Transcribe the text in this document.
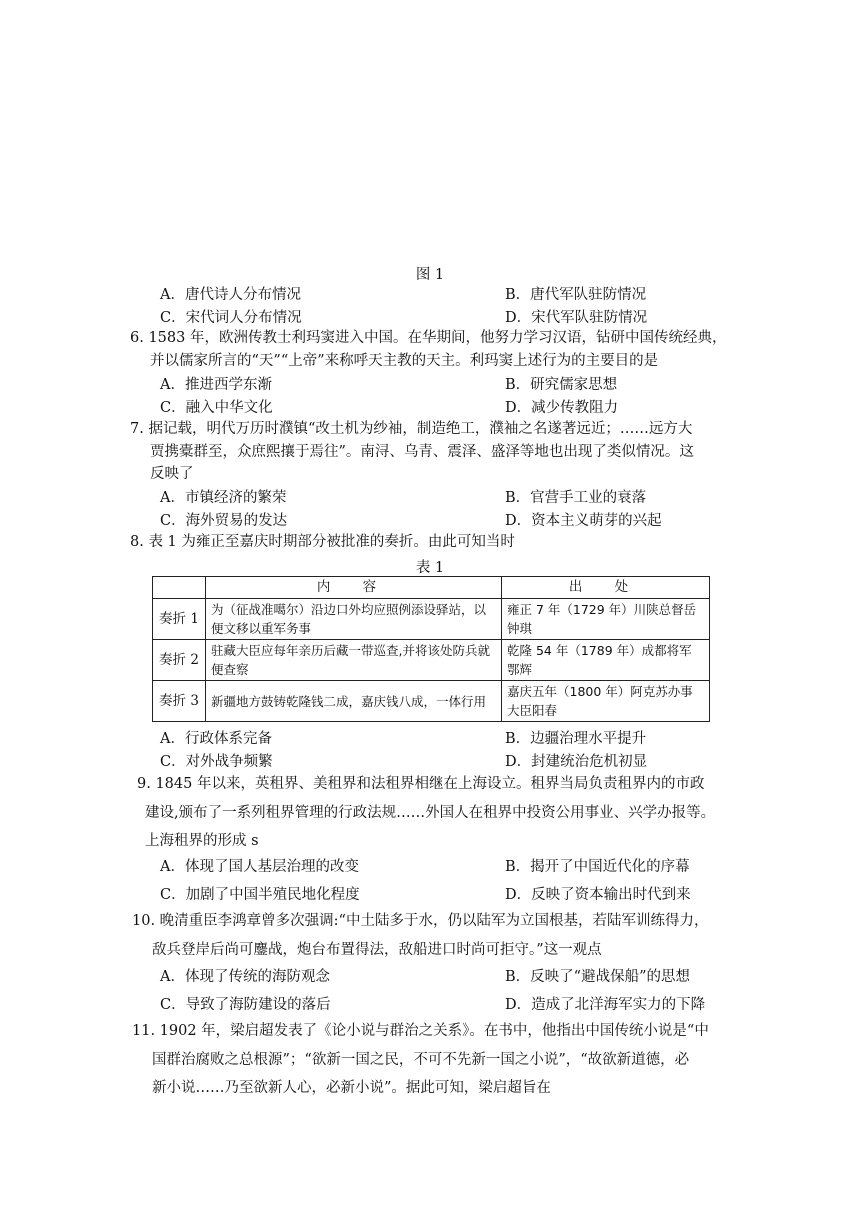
图 1
A．唐代诗人分布情况	B．唐代军队驻防情况
C．宋代词人分布情况	D．宋代军队驻防情况
6. 1583 年，欧洲传教士利玛窦进入中国。在华期间，他努力学习汉语，钻研中国传统经典，
并以儒家所言的“天”“上帝”来称呼天主教的天主。利玛窦上述行为的主要目的是
A．推进西学东渐	B．研究儒家思想
C．融入中华文化	D．减少传教阻力
7. 据记载，明代万历时濮镇“改土机为纱袖，制造绝工，濮袖之名遂著远近；……远方大
贾携橐群至，众庶熙攘于焉往”。南浔、乌青、震泽、盛泽等地也出现了类似情况。这
反映了
A．市镇经济的繁荣	B．官营手工业的衰落
C．海外贸易的发达	D．资本主义萌芽的兴起
8. 表 1 为雍正至嘉庆时期部分被批准的奏折。由此可知当时
表 1
	内 容	出 处
奏折 1	为（征战准噶尔）沿边口外均应照例添设驿站，以便文移以重军务事	雍正 7 年（1729 年）川陕总督岳钟琪
奏折 2	驻藏大臣应每年亲历后藏一带巡查,并将该处防兵就便查察	乾隆 54 年（1789 年）成都将军鄂辉
奏折 3	新疆地方鼓铸乾隆钱二成，嘉庆钱八成，一体行用	嘉庆五年（1800 年）阿克苏办事大臣阳春
A．行政体系完备	B．边疆治理水平提升
C．对外战争频繁	D．封建统治危机初显
9. 1845 年以来，英租界、美租界和法租界相继在上海设立。租界当局负责租界内的市政
建设,颁布了一系列租界管理的行政法规……外国人在租界中投资公用事业、兴学办报等。
上海租界的形成 s
A．体现了国人基层治理的改变	B．揭开了中国近代化的序幕
C．加剧了中国半殖民地化程度	D．反映了资本输出时代到来
10. 晚清重臣李鸿章曾多次强调:“中土陆多于水，仍以陆军为立国根基，若陆军训练得力，
敌兵登岸后尚可鏖战，炮台布置得法，敌船进口时尚可拒守。”这一观点
A．体现了传统的海防观念	B．反映了“避战保船”的思想
C．导致了海防建设的落后	D．造成了北洋海军实力的下降
11. 1902 年，梁启超发表了《论小说与群治之关系》。在书中，他指出中国传统小说是“中
国群治腐败之总根源”；“欲新一国之民，不可不先新一国之小说”，“故欲新道德，必
新小说……乃至欲新人心，必新小说”。据此可知，梁启超旨在
